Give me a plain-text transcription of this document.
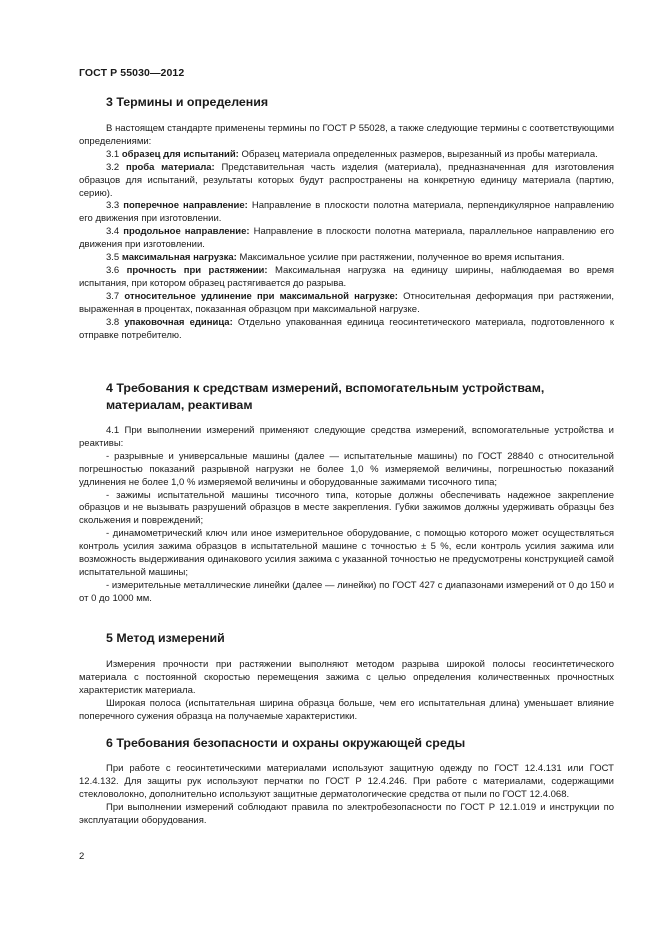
ГОСТ Р 55030—2012
3 Термины и определения

В настоящем стандарте применены термины по ГОСТ Р 55028, а также следующие термины с соответствующими определениями:

3.1 образец для испытаний: Образец материала определенных размеров, вырезанный из пробы материала.

3.2 проба материала: Представительная часть изделия (материала), предназначенная для изготовления образцов для испытаний, результаты которых будут распространены на конкретную единицу материала (партию, серию).

3.3 поперечное направление: Направление в плоскости полотна материала, перпендикулярное направлению его движения при изготовлении.

3.4 продольное направление: Направление в плоскости полотна материала, параллельное направлению его движения при изготовлении.

3.5 максимальная нагрузка: Максимальное усилие при растяжении, полученное во время испытания.

3.6 прочность при растяжении: Максимальная нагрузка на единицу ширины, наблюдаемая во время испытания, при котором образец растягивается до разрыва.

3.7 относительное удлинение при максимальной нагрузке: Относительная деформация при растяжении, выраженная в процентах, показанная образцом при максимальной нагрузке.

3.8 упаковочная единица: Отдельно упакованная единица геосинтетического материала, подготовленного к отправке потребителю.

4 Требования к средствам измерений, вспомогательным устройствам,
материалам, реактивам

4.1 При выполнении измерений применяют следующие средства измерений, вспомогательные устройства и реактивы:

- разрывные и универсальные машины (далее — испытательные машины) по ГОСТ 28840 с относительной погрешностью показаний разрывной нагрузки не более 1,0 % измеряемой величины, погрешностью показаний удлинения не более 1,0 % измеряемой величины и оборудованные зажимами тисочного типа;

- зажимы испытательной машины тисочного типа, которые должны обеспечивать надежное закрепление образцов и не вызывать разрушений образцов в месте закрепления. Губки зажимов должны удерживать образцы без скольжения и повреждений;

- динамометрический ключ или иное измерительное оборудование, с помощью которого может осуществляться контроль усилия зажима образцов в испытательной машине с точностью ± 5 %, если контроль усилия зажима или возможность выдерживания одинакового усилия зажима с указанной точностью не предусмотрены конструкцией самой испытательной машины;

- измерительные металлические линейки (далее — линейки) по ГОСТ 427 с диапазонами измерений от 0 до 150 и от 0 до 1000 мм.

5 Метод измерений

Измерения прочности при растяжении выполняют методом разрыва широкой полосы геосинтетического материала с постоянной скоростью перемещения зажима с целью определения количественных прочностных характеристик материала.

Широкая полоса (испытательная ширина образца больше, чем его испытательная длина) уменьшает влияние поперечного сужения образца на получаемые характеристики.

6 Требования безопасности и охраны окружающей среды

При работе с геосинтетическими материалами используют защитную одежду по ГОСТ 12.4.131 или ГОСТ 12.4.132. Для защиты рук используют перчатки по ГОСТ Р 12.4.246. При работе с материалами, содержащими стекловолокно, дополнительно используют защитные дерматологические средства от пыли по ГОСТ 12.4.068.

При выполнении измерений соблюдают правила по электробезопасности по ГОСТ Р 12.1.019 и инструкции по эксплуатации оборудования.

2
